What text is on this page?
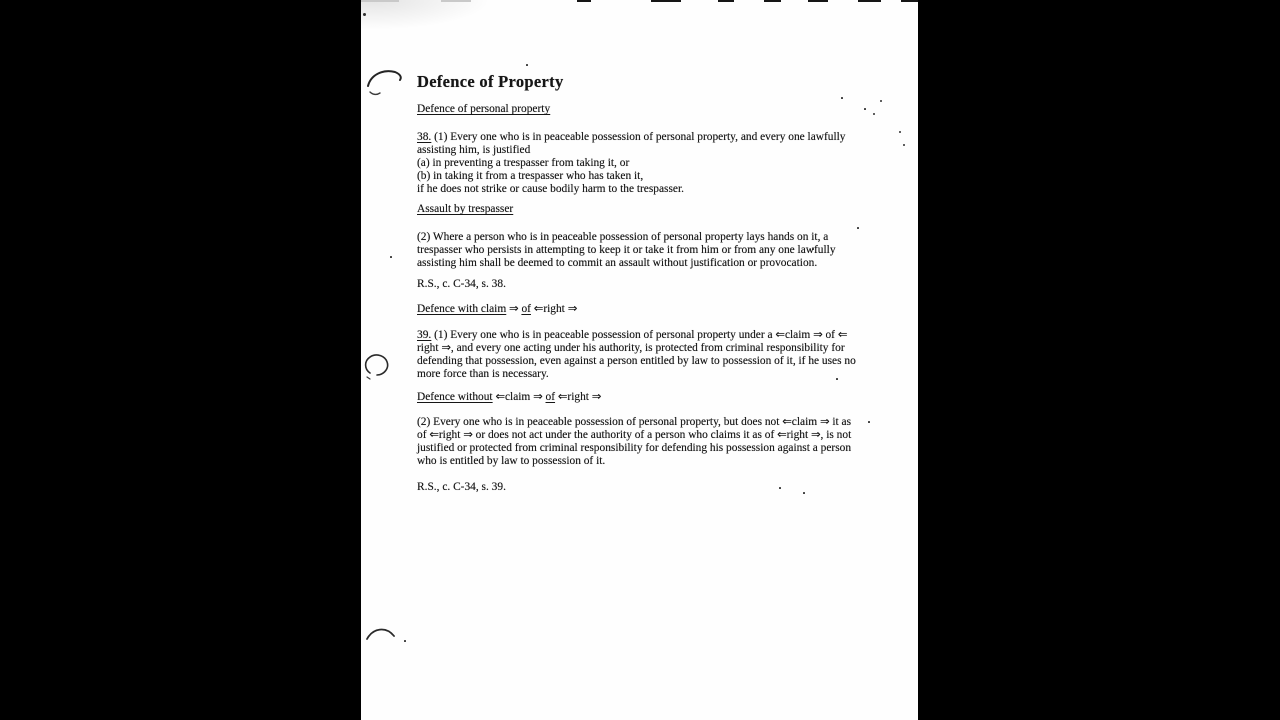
Defence of Property
Defence of personal property
38. (1) Every one who is in peaceable possession of personal property, and every one lawfully
assisting him, is justified
(a) in preventing a trespasser from taking it, or
(b) in taking it from a trespasser who has taken it,
if he does not strike or cause bodily harm to the trespasser.
Assault by trespasser
(2) Where a person who is in peaceable possession of personal property lays hands on it, a
trespasser who persists in attempting to keep it or take it from him or from any one lawfully
assisting him shall be deemed to commit an assault without justification or provocation.
R.S., c. C-34, s. 38.
Defence with claim ⇒ of ⇐right ⇒
39. (1) Every one who is in peaceable possession of personal property under a ⇐claim ⇒ of ⇐
right ⇒, and every one acting under his authority, is protected from criminal responsibility for
defending that possession, even against a person entitled by law to possession of it, if he uses no
more force than is necessary.
Defence without ⇐claim ⇒ of ⇐right ⇒
(2) Every one who is in peaceable possession of personal property, but does not ⇐claim ⇒ it as
of ⇐right ⇒ or does not act under the authority of a person who claims it as of ⇐right ⇒, is not
justified or protected from criminal responsibility for defending his possession against a person
who is entitled by law to possession of it.
R.S., c. C-34, s. 39.
